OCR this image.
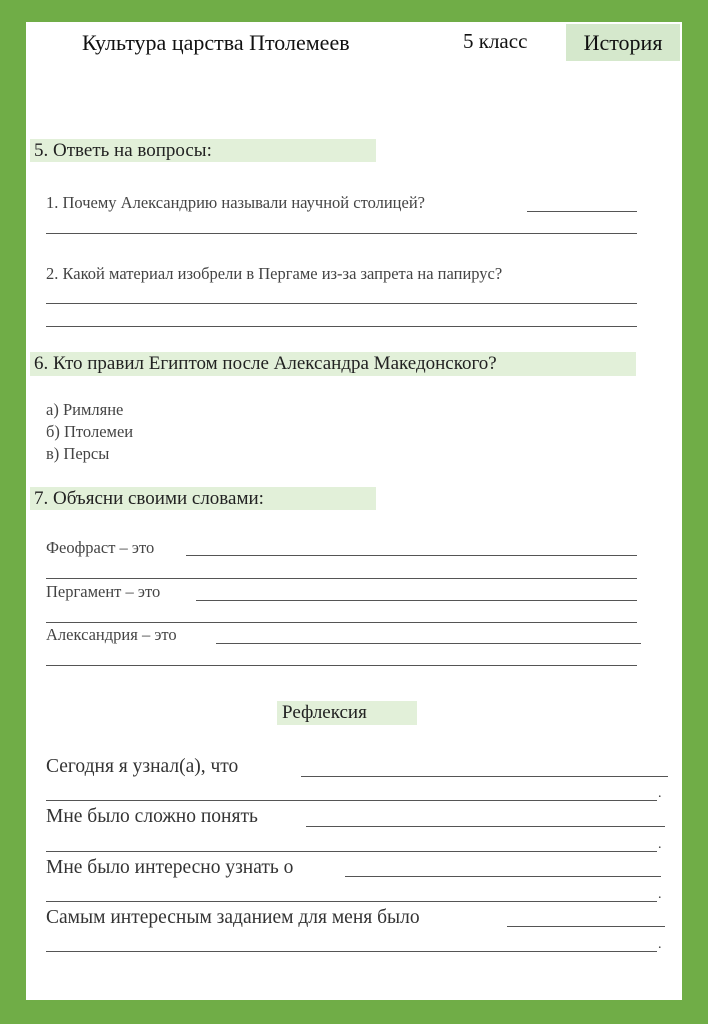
Культура царства Птолемеев	5 класс	История
5. Ответь на вопросы:
1. Почему Александрию называли научной столицей?
2. Какой материал изобрели в Пергаме из-за запрета на папирус?
6. Кто правил Египтом после Александра Македонского?
а) Римляне
б) Птолемеи
в) Персы
7. Объясни своими словами:
Феофраст – это
Пергамент – это
Александрия – это
Рефлексия
Сегодня я узнал(а), что
.
Мне было сложно понять
.
Мне было интересно узнать о
.
Самым интересным заданием для меня было
.
